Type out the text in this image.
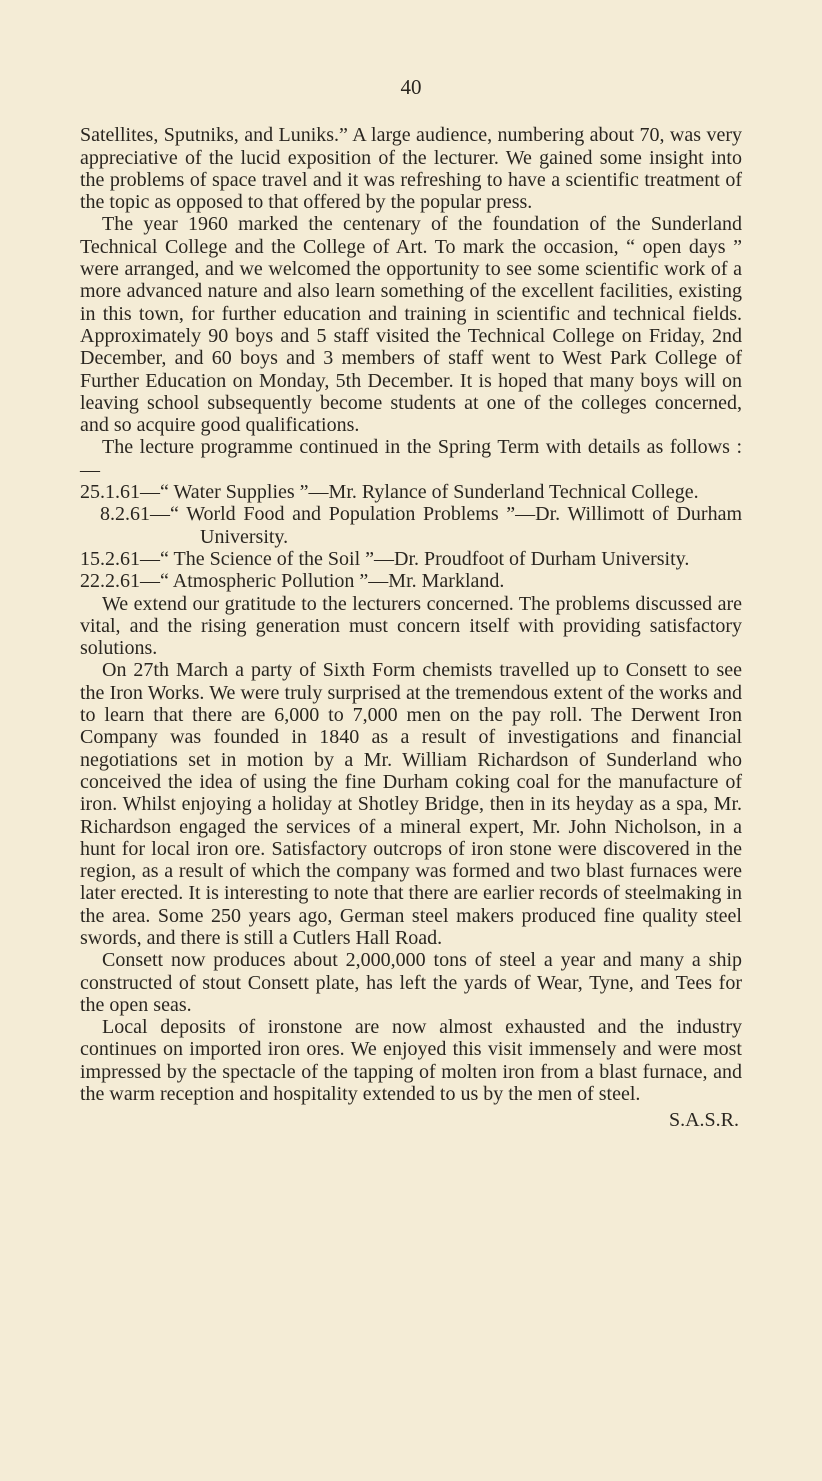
40

Satellites, Sputniks, and Luniks.” A large audience, numbering about 70, was very appreciative of the lucid exposition of the lecturer. We gained some insight into the problems of space travel and it was refreshing to have a scientific treatment of the topic as opposed to that offered by the popular press.

The year 1960 marked the centenary of the foundation of the Sunderland Technical College and the College of Art. To mark the occasion, “ open days ” were arranged, and we welcomed the opportunity to see some scientific work of a more advanced nature and also learn something of the excellent facilities, existing in this town, for further education and training in scientific and technical fields. Approximately 90 boys and 5 staff visited the Technical College on Friday, 2nd December, and 60 boys and 3 members of staff went to West Park College of Further Education on Monday, 5th December. It is hoped that many boys will on leaving school subsequently become students at one of the colleges concerned, and so acquire good qualifications.

The lecture programme continued in the Spring Term with details as follows :—

25.1.61—“ Water Supplies ”—Mr. Rylance of Sunderland Technical College.
8.2.61—“ World Food and Population Problems ”—Dr. Willimott of Durham University.
15.2.61—“ The Science of the Soil ”—Dr. Proudfoot of Durham University.
22.2.61—“ Atmospheric Pollution ”—Mr. Markland.

We extend our gratitude to the lecturers concerned. The problems discussed are vital, and the rising generation must concern itself with providing satisfactory solutions.

On 27th March a party of Sixth Form chemists travelled up to Consett to see the Iron Works. We were truly surprised at the tremendous extent of the works and to learn that there are 6,000 to 7,000 men on the pay roll. The Derwent Iron Company was founded in 1840 as a result of investigations and financial negotiations set in motion by a Mr. William Richardson of Sunderland who conceived the idea of using the fine Durham coking coal for the manufacture of iron. Whilst enjoying a holiday at Shotley Bridge, then in its heyday as a spa, Mr. Richardson engaged the services of a mineral expert, Mr. John Nicholson, in a hunt for local iron ore. Satisfactory outcrops of iron stone were discovered in the region, as a result of which the company was formed and two blast furnaces were later erected. It is interesting to note that there are earlier records of steelmaking in the area. Some 250 years ago, German steel makers produced fine quality steel swords, and there is still a Cutlers Hall Road.

Consett now produces about 2,000,000 tons of steel a year and many a ship constructed of stout Consett plate, has left the yards of Wear, Tyne, and Tees for the open seas.

Local deposits of ironstone are now almost exhausted and the industry continues on imported iron ores. We enjoyed this visit immensely and were most impressed by the spectacle of the tapping of molten iron from a blast furnace, and the warm reception and hospitality extended to us by the men of steel.

S.A.S.R.
